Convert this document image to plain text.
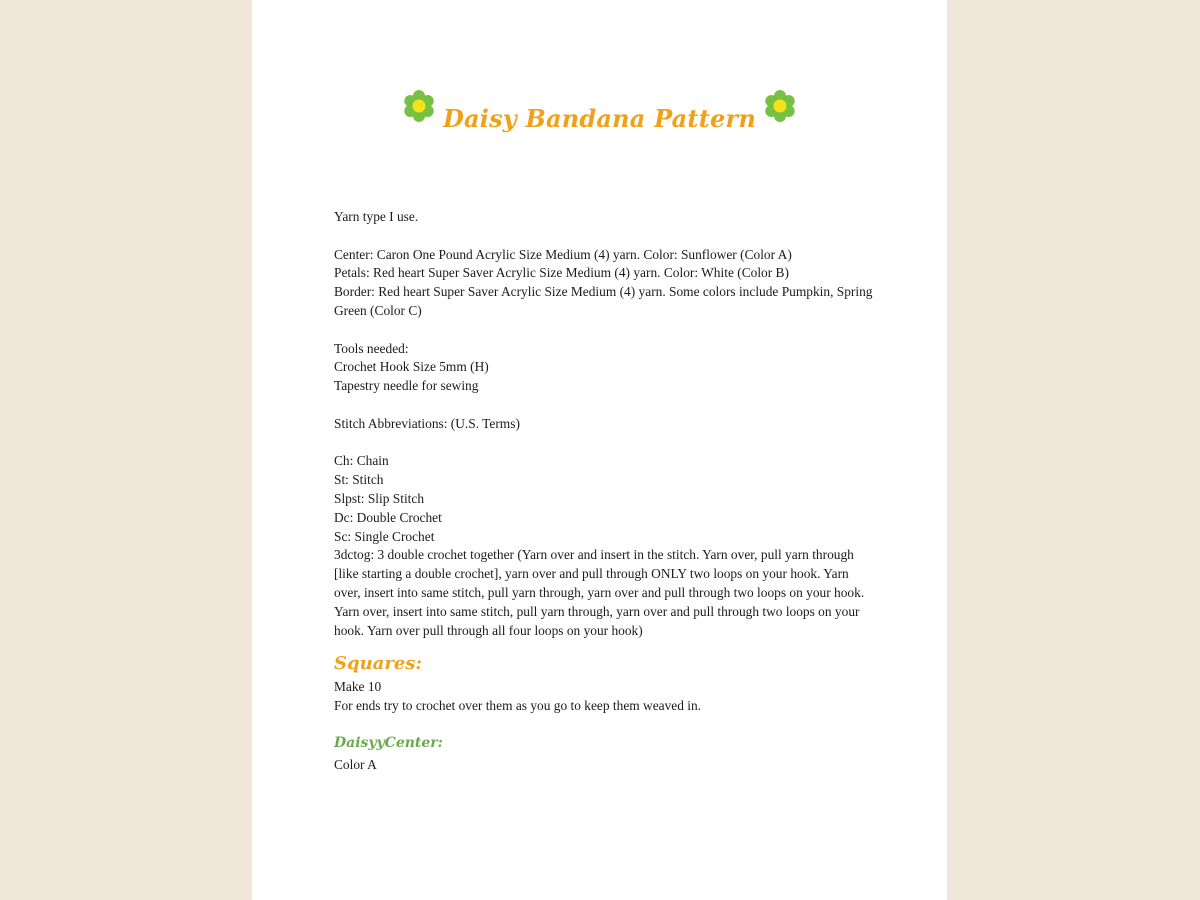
Daisy Bandana Pattern
Yarn type I use.
Center: Caron One Pound Acrylic Size Medium (4) yarn. Color: Sunflower (Color A)
Petals: Red heart Super Saver Acrylic Size Medium (4) yarn. Color: White (Color B)
Border: Red heart Super Saver Acrylic Size Medium (4) yarn. Some colors include Pumpkin, Spring Green (Color C)
Tools needed:
Crochet Hook Size 5mm (H)
Tapestry needle for sewing
Stitch Abbreviations: (U.S. Terms)
Ch: Chain
St: Stitch
Slpst: Slip Stitch
Dc: Double Crochet
Sc: Single Crochet
3dctog: 3 double crochet together (Yarn over and insert in the stitch. Yarn over, pull yarn through [like starting a double crochet], yarn over and pull through ONLY two loops on your hook. Yarn over, insert into same stitch, pull yarn through, yarn over and pull through two loops on your hook. Yarn over, insert into same stitch, pull yarn through, yarn over and pull through two loops on your hook. Yarn over pull through all four loops on your hook)
Squares:
Make 10
For ends try to crochet over them as you go to keep them weaved in.
DaisyyCenter:
Color A
